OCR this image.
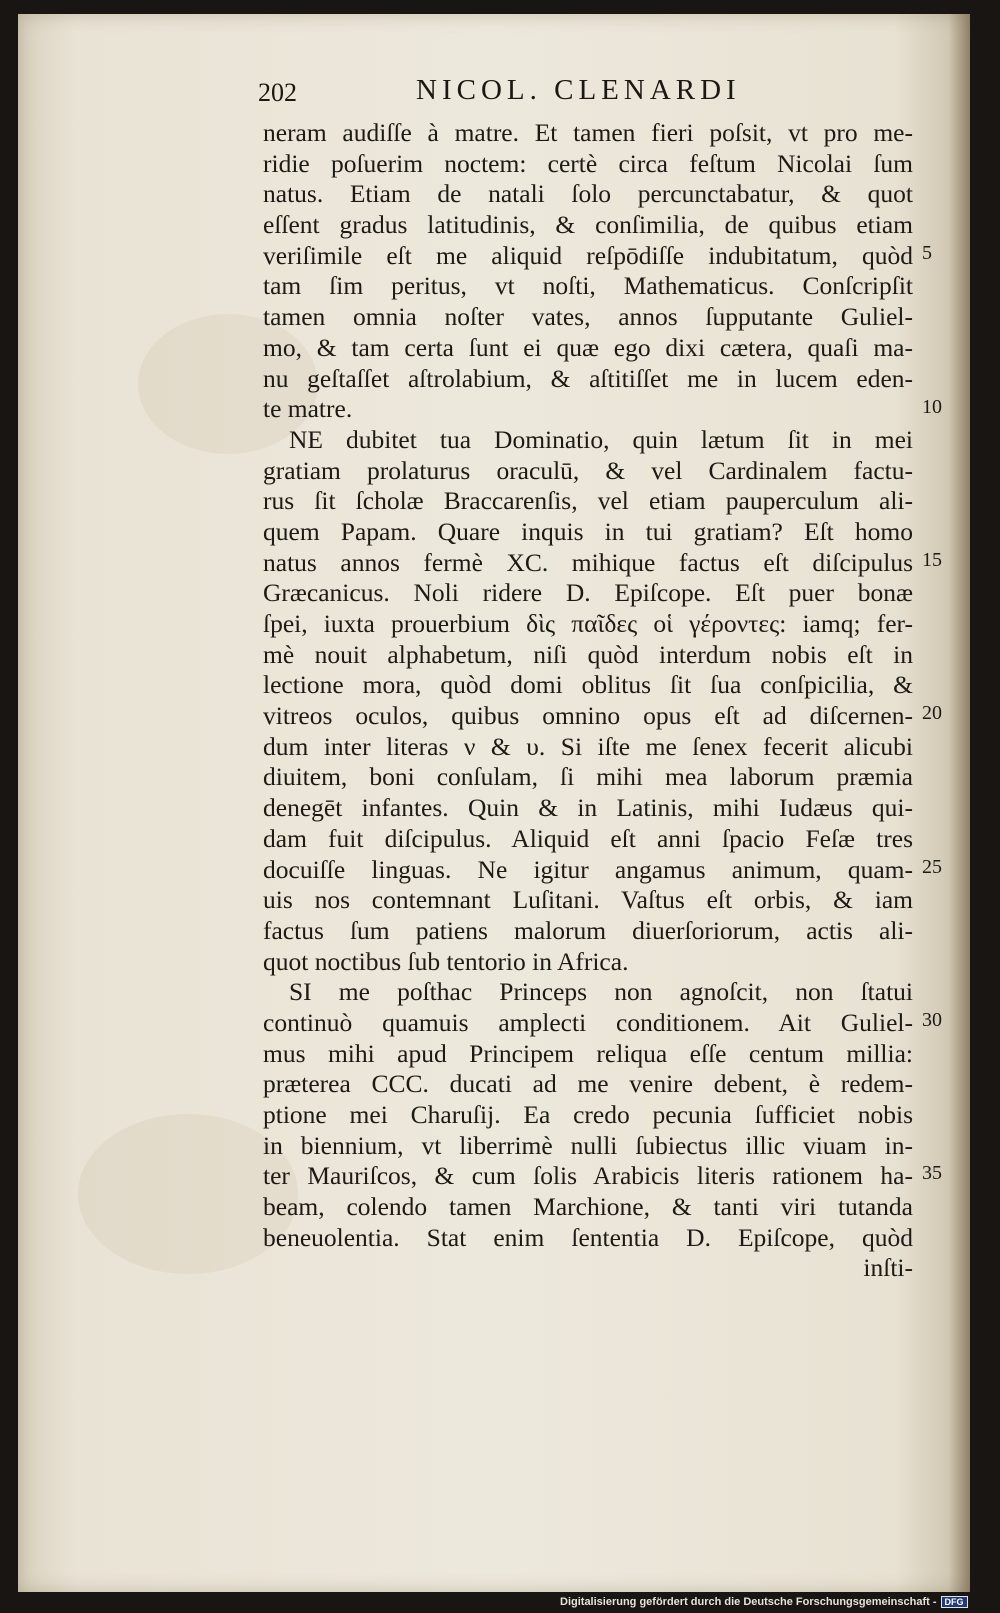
202	NICOL. CLENARDI
5
10
15
20
25
30
35
neram audiſſe à matre. Et tamen fieri poſsit, vt pro me-
ridie poſuerim noctem: certè circa feſtum Nicolai ſum
natus. Etiam de natali ſolo percunctabatur, & quot
eſſent gradus latitudinis, & conſimilia, de quibus etiam
veriſimile eſt me aliquid reſpōdiſſe indubitatum, quòd
tam ſim peritus, vt noſti, Mathematicus. Conſcripſit
tamen omnia noſter vates, annos ſupputante Guliel-
mo, & tam certa ſunt ei quæ ego dixi cætera, quaſi ma-
nu geſtaſſet aſtrolabium, & aſtitiſſet me in lucem eden-
te matre.
NE dubitet tua Dominatio, quin lætum ſit in mei
gratiam prolaturus oraculū, & vel Cardinalem factu-
rus ſit ſcholæ Braccarenſis, vel etiam pauperculum ali-
quem Papam. Quare inquis in tui gratiam? Eſt homo
natus annos fermè XC. mihique factus eſt diſcipulus
Græcanicus. Noli ridere D. Epiſcope. Eſt puer bonæ
ſpei, iuxta prouerbium δὶς παῖδες οἱ γέροντες: iamq; fer-
mè nouit alphabetum, niſi quòd interdum nobis eſt in
lectione mora, quòd domi oblitus ſit ſua conſpicilia, &
vitreos oculos, quibus omnino opus eſt ad diſcernen-
dum inter literas ν & υ. Si iſte me ſenex fecerit alicubi
diuitem, boni conſulam, ſi mihi mea laborum præmia
denegēt infantes. Quin & in Latinis, mihi Iudæus qui-
dam fuit diſcipulus. Aliquid eſt anni ſpacio Feſæ tres
docuiſſe linguas. Ne igitur angamus animum, quam-
uis nos contemnant Luſitani. Vaſtus eſt orbis, & iam
factus ſum patiens malorum diuerſoriorum, actis ali-
quot noctibus ſub tentorio in Africa.
SI me poſthac Princeps non agnoſcit, non ſtatui
continuò quamuis amplecti conditionem. Ait Guliel-
mus mihi apud Principem reliqua eſſe centum millia:
præterea CCC. ducati ad me venire debent, è redem-
ptione mei Charuſij. Ea credo pecunia ſufficiet nobis
in biennium, vt liberrimè nulli ſubiectus illic viuam in-
ter Mauriſcos, & cum ſolis Arabicis literis rationem ha-
beam, colendo tamen Marchione, & tanti viri tutanda
beneuolentia. Stat enim ſententia D. Epiſcope, quòd
inſti-
Digitalisierung gefördert durch die Deutsche Forschungsgemeinschaft - DFG
